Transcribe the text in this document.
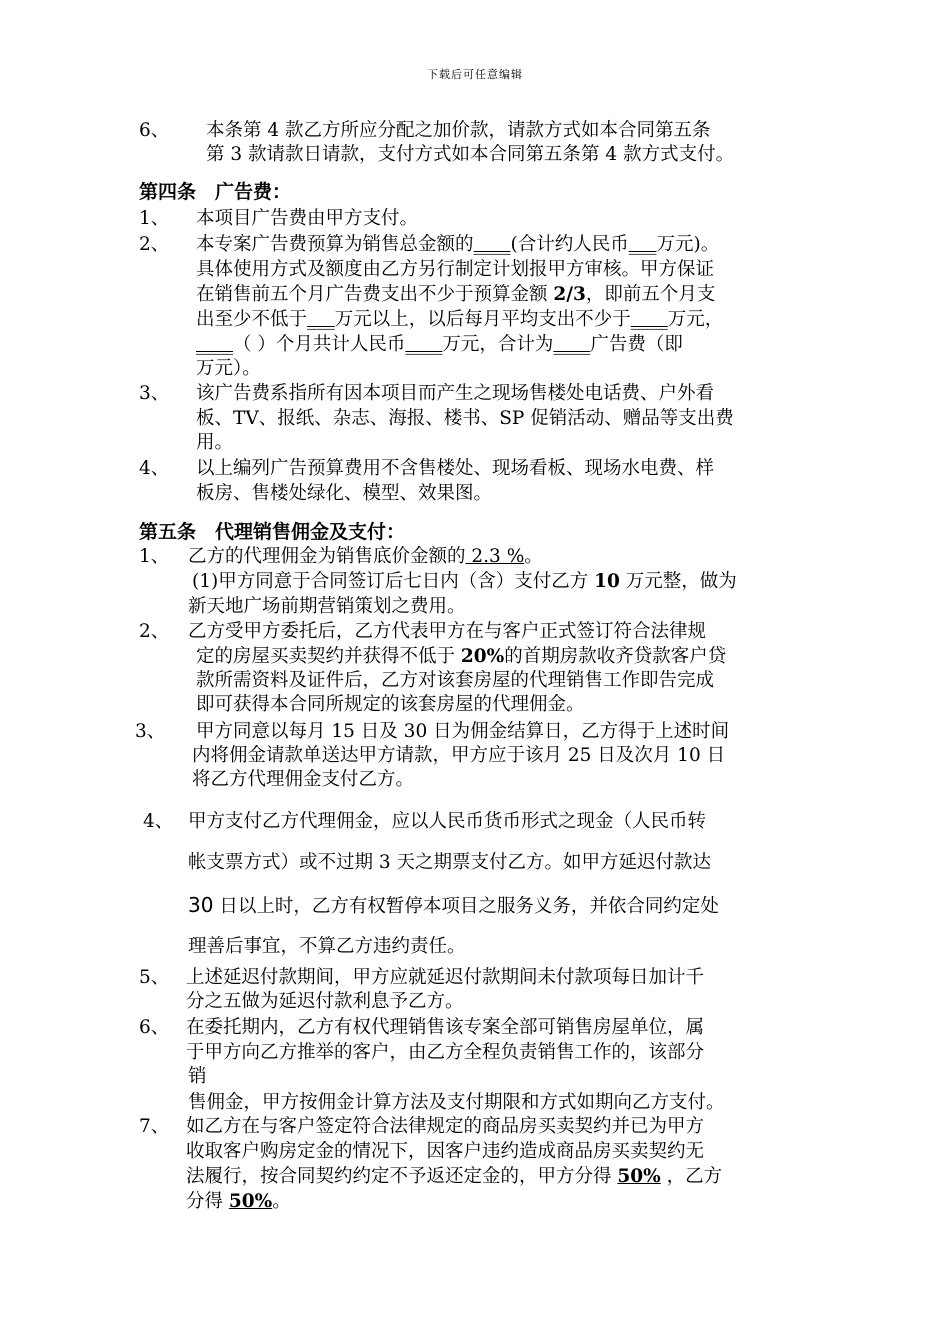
下载后可任意编辑
6、 本条第 4 款乙方所应分配之加价款，请款方式如本合同第五条
第 3 款请款日请款，支付方式如本合同第五条第 4 款方式支付。
第四条　广告费：
1、 本项目广告费由甲方支付。
2、 本专案广告费预算为销售总金额的____(合计约人民币___万元)。
具体使用方式及额度由乙方另行制定计划报甲方审核。甲方保证
在销售前五个月广告费支出不少于预算金额 2/3，即前五个月支
出至少不低于___万元以上，以后每月平均支出不少于____万元，
____（ ）个月共计人民币____万元，合计为____广告费（即
万元）。
3、 该广告费系指所有因本项目而产生之现场售楼处电话费、户外看
板、TV、报纸、杂志、海报、楼书、SP 促销活动、赠品等支出费
用。
4、 以上编列广告预算费用不含售楼处、现场看板、现场水电费、样
板房、售楼处绿化、模型、效果图。
第五条　代理销售佣金及支付：
1、 乙方的代理佣金为销售底价金额的 2.3 %。
(1)甲方同意于合同签订后七日内（含）支付乙方 10 万元整，做为
新天地广场前期营销策划之费用。
2、 乙方受甲方委托后，乙方代表甲方在与客户正式签订符合法律规
定的房屋买卖契约并获得不低于 20%的首期房款收齐贷款客户贷
款所需资料及证件后，乙方对该套房屋的代理销售工作即告完成
即可获得本合同所规定的该套房屋的代理佣金。
3、 甲方同意以每月 15 日及 30 日为佣金结算日，乙方得于上述时间
内将佣金请款单送达甲方请款，甲方应于该月 25 日及次月 10 日
将乙方代理佣金支付乙方。
4、 甲方支付乙方代理佣金，应以人民币货币形式之现金（人民币转
帐支票方式）或不过期 3 天之期票支付乙方。如甲方延迟付款达
30 日以上时，乙方有权暂停本项目之服务义务，并依合同约定处
理善后事宜，不算乙方违约责任。
5、 上述延迟付款期间，甲方应就延迟付款期间未付款项每日加计千
分之五做为延迟付款利息予乙方。
6、 在委托期内，乙方有权代理销售该专案全部可销售房屋单位，属
于甲方向乙方推举的客户，由乙方全程负责销售工作的，该部分
销
售佣金，甲方按佣金计算方法及支付期限和方式如期向乙方支付。
7、 如乙方在与客户签定符合法律规定的商品房买卖契约并已为甲方
收取客户购房定金的情况下，因客户违约造成商品房买卖契约无
法履行，按合同契约约定不予返还定金的，甲方分得 50% ，乙方
分得 50%。
